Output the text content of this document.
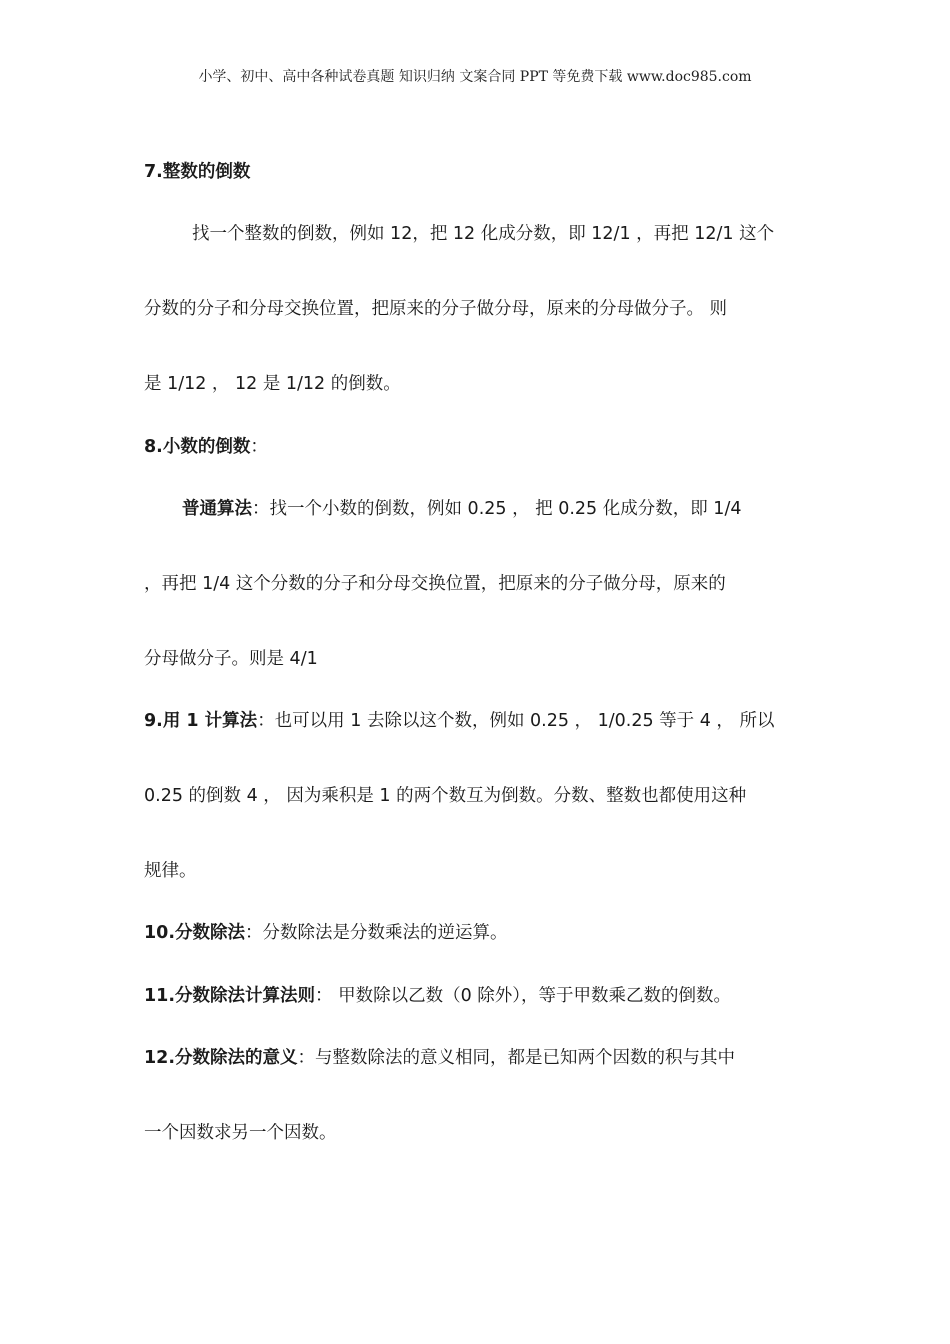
小学、初中、高中各种试卷真题 知识归纳 文案合同 PPT 等免费下载 www.doc985.com
7.整数的倒数
找一个整数的倒数，例如 12，把 12 化成分数，即 12/1 ，再把 12/1 这个
分数的分子和分母交换位置，把原来的分子做分母，原来的分母做分子。 则
是 1/12 ， 12 是 1/12 的倒数。
8.小数的倒数：
普通算法：找一个小数的倒数，例如 0.25 ， 把 0.25 化成分数，即 1/4
，再把 1/4 这个分数的分子和分母交换位置，把原来的分子做分母，原来的
分母做分子。则是 4/1
9.用 1 计算法：也可以用 1 去除以这个数，例如 0.25 ， 1/0.25 等于 4 ， 所以
0.25 的倒数 4 ， 因为乘积是 1 的两个数互为倒数。分数、整数也都使用这种
规律。
10.分数除法：分数除法是分数乘法的逆运算。
11.分数除法计算法则： 甲数除以乙数（0 除外），等于甲数乘乙数的倒数。
12.分数除法的意义：与整数除法的意义相同，都是已知两个因数的积与其中
一个因数求另一个因数。
